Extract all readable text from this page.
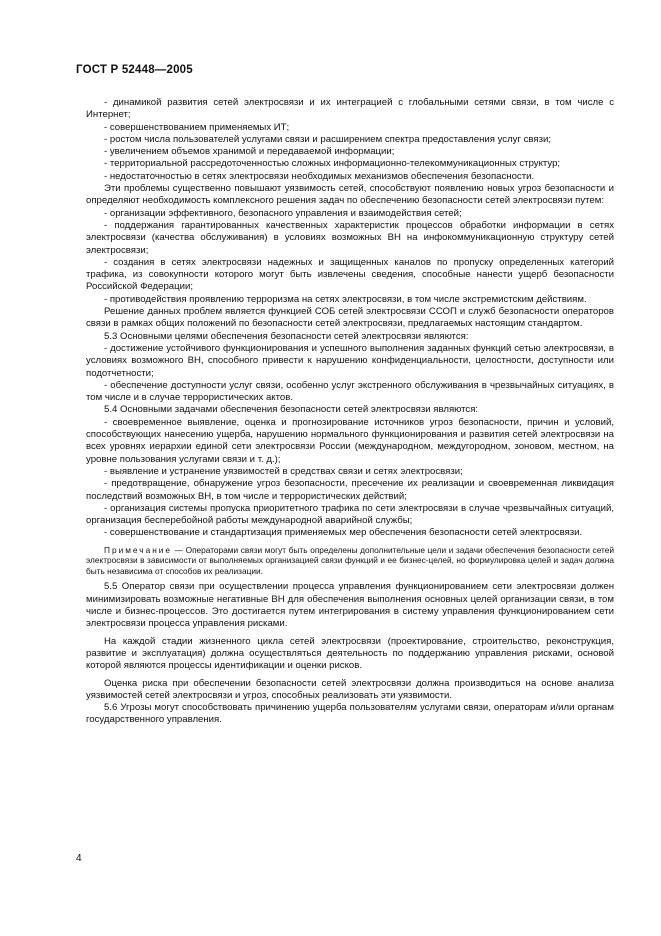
ГОСТ Р 52448—2005

- динамикой развития сетей электросвязи и их интеграцией с глобальными сетями связи, в том числе с Интернет;

- совершенствованием применяемых ИТ;

- ростом числа пользователей услугами связи и расширением спектра предоставления услуг связи;

- увеличением объемов хранимой и передаваемой информации;

- территориальной рассредоточенностью сложных информационно-телекоммуникационных структур;

- недостаточностью в сетях электросвязи необходимых механизмов обеспечения безопасности.

Эти проблемы существенно повышают уязвимость сетей, способствуют появлению новых угроз безопасности и определяют необходимость комплексного решения задач по обеспечению безопасности сетей электросвязи путем:

- организации эффективного, безопасного управления и взаимодействия сетей;

- поддержания гарантированных качественных характеристик процессов обработки информации в сетях электросвязи (качества обслуживания) в условиях возможных ВН на инфокоммуникационную структуру сетей электросвязи;

- создания в сетях электросвязи надежных и защищенных каналов по пропуску определенных категорий трафика, из совокупности которого могут быть извлечены сведения, способные нанести ущерб безопасности Российской Федерации;

- противодействия проявлению терроризма на сетях электросвязи, в том числе экстремистским действиям.

Решение данных проблем является функцией СОБ сетей электросвязи ССОП и служб безопасности операторов связи в рамках общих положений по безопасности сетей электросвязи, предлагаемых настоящим стандартом.

5.3 Основными целями обеспечения безопасности сетей электросвязи являются:

- достижение устойчивого функционирования и успешного выполнения заданных функций сетью электросвязи, в условиях возможного ВН, способного привести к нарушению конфиденциальности, целостности, доступности или подотчетности;

- обеспечение доступности услуг связи, особенно услуг экстренного обслуживания в чрезвычайных ситуациях, в том числе и в случае террористических актов.

5.4 Основными задачами обеспечения безопасности сетей электросвязи являются:

- своевременное выявление, оценка и прогнозирование источников угроз безопасности, причин и условий, способствующих нанесению ущерба, нарушению нормального функционирования и развития сетей электросвязи на всех уровнях иерархии единой сети электросвязи России (международном, междугородном, зоновом, местном, на уровне пользования услугами связи и т. д.);

- выявление и устранение уязвимостей в средствах связи и сетях электросвязи;

- предотвращение, обнаружение угроз безопасности, пресечение их реализации и своевременная ликвидация последствий возможных ВН, в том числе и террористических действий;

- организация системы пропуска приоритетного трафика по сети электросвязи в случае чрезвычайных ситуаций, организация бесперебойной работы международной аварийной службы;

- совершенствование и стандартизация применяемых мер обеспечения безопасности сетей электросвязи.

Примечание — Операторами связи могут быть определены дополнительные цели и задачи обеспечения безопасности сетей электросвязи в зависимости от выполняемых организацией связи функций и ее бизнес-целей, но формулировка целей и задач должна быть независима от способов их реализации.

5.5 Оператор связи при осуществлении процесса управления функционированием сети электросвязи должен минимизировать возможные негативные ВН для обеспечения выполнения основных целей организации связи, в том числе и бизнес-процессов. Это достигается путем интегрирования в систему управления функционированием сети электросвязи процесса управления рисками.

На каждой стадии жизненного цикла сетей электросвязи (проектирование, строительство, реконструкция, развитие и эксплуатация) должна осуществляться деятельность по поддержанию управления рисками, основой которой являются процессы идентификации и оценки рисков.

Оценка риска при обеспечении безопасности сетей электросвязи должна производиться на основе анализа уязвимостей сетей электросвязи и угроз, способных реализовать эти уязвимости.

5.6 Угрозы могут способствовать причинению ущерба пользователям услугами связи, операторам и/или органам государственного управления.

4
